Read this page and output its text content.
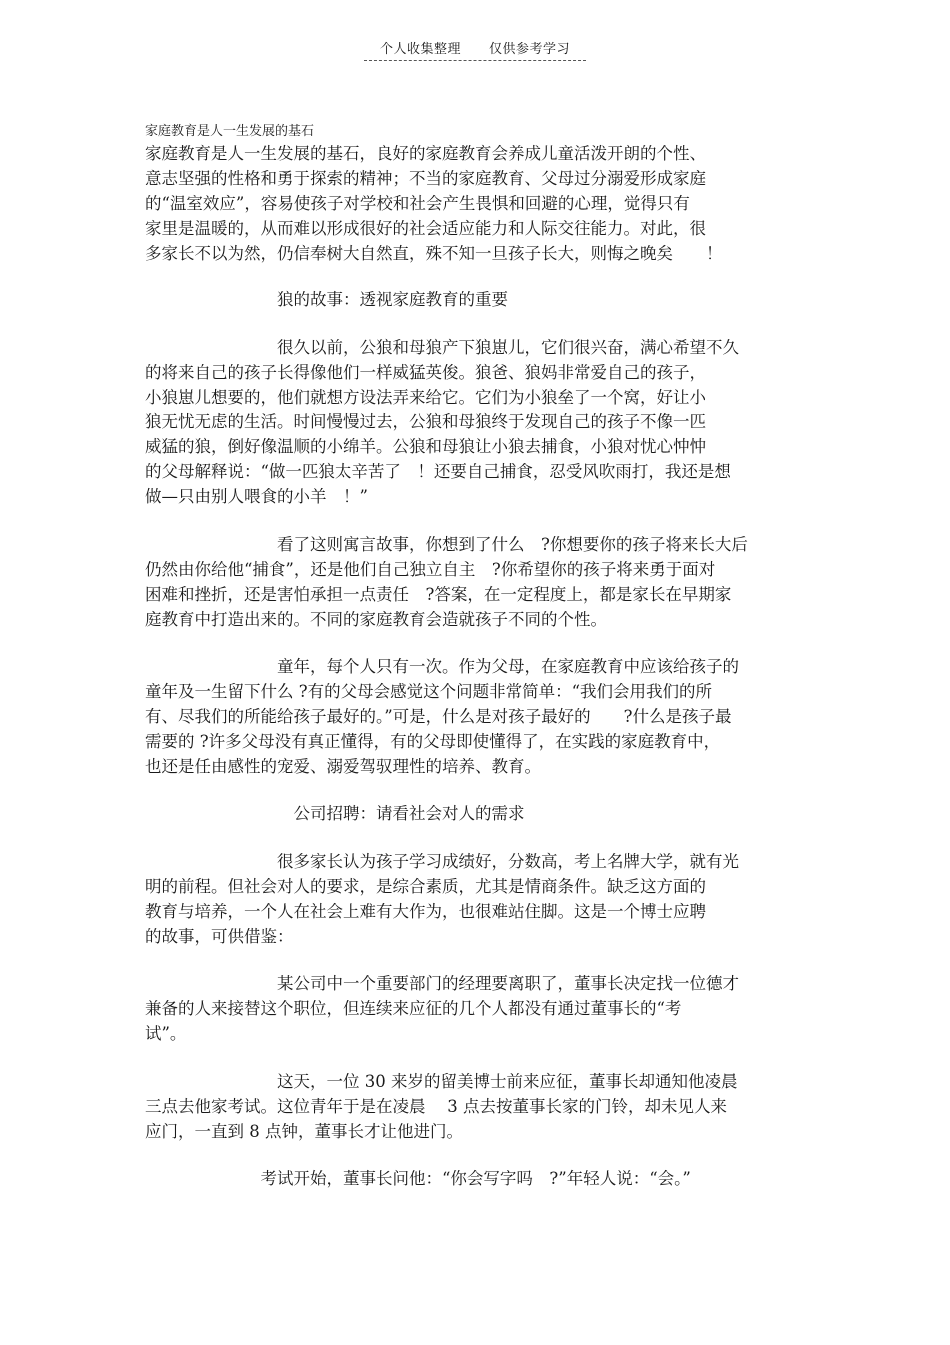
个人收集整理 仅供参考学习
家庭教育是人一生发展的基石
家庭教育是人一生发展的基石，良好的家庭教育会养成儿童活泼开朗的个性、
意志坚强的性格和勇于探索的精神；不当的家庭教育、父母过分溺爱形成家庭
的“温室效应”，容易使孩子对学校和社会产生畏惧和回避的心理，觉得只有
家里是温暖的，从而难以形成很好的社会适应能力和人际交往能力。对此，很
多家长不以为然，仍信奉树大自然直，殊不知一旦孩子长大，则悔之晚矣　　！
　　　　　　　　狼的故事：透视家庭教育的重要
　　　　　　　　很久以前，公狼和母狼产下狼崽儿，它们很兴奋，满心希望不久
的将来自己的孩子长得像他们一样威猛英俊。狼爸、狼妈非常爱自己的孩子，
小狼崽儿想要的，他们就想方设法弄来给它。它们为小狼垒了一个窝，好让小
狼无忧无虑的生活。时间慢慢过去，公狼和母狼终于发现自己的孩子不像一匹
威猛的狼，倒好像温顺的小绵羊。公狼和母狼让小狼去捕食，小狼对忧心忡忡
的父母解释说：“做一匹狼太辛苦了　！还要自己捕食，忍受风吹雨打，我还是想
做—只由别人喂食的小羊　！”
　　　　　　　　看了这则寓言故事，你想到了什么　?你想要你的孩子将来长大后
仍然由你给他“捕食”，还是他们自己独立自主　?你希望你的孩子将来勇于面对
困难和挫折，还是害怕承担一点责任　?答案，在一定程度上，都是家长在早期家
庭教育中打造出来的。不同的家庭教育会造就孩子不同的个性。
　　　　　　　　童年，每个人只有一次。作为父母，在家庭教育中应该给孩子的
童年及一生留下什么 ?有的父母会感觉这个问题非常简单：“我们会用我们的所
有、尽我们的所能给孩子最好的。”可是，什么是对孩子最好的　　?什么是孩子最
需要的 ?许多父母没有真正懂得，有的父母即使懂得了，在实践的家庭教育中，
也还是任由感性的宠爱、溺爱驾驭理性的培养、教育。
　　　　　　　　　公司招聘：请看社会对人的需求
　　　　　　　　很多家长认为孩子学习成绩好，分数高，考上名牌大学，就有光
明的前程。但社会对人的要求，是综合素质，尤其是情商条件。缺乏这方面的
教育与培养，一个人在社会上难有大作为，也很难站住脚。这是一个博士应聘
的故事，可供借鉴：
　　　　　　　　某公司中一个重要部门的经理要离职了，董事长决定找一位德才
兼备的人来接替这个职位，但连续来应征的几个人都没有通过董事长的“考
试”。
　　　　　　　　这天，一位 30 来岁的留美博士前来应征，董事长却通知他凌晨
三点去他家考试。这位青年于是在凌晨　 3 点去按董事长家的门铃，却未见人来
应门，一直到 8 点钟，董事长才让他进门。
　　　　　　　考试开始，董事长问他：“你会写字吗　?”年轻人说：“会。”
